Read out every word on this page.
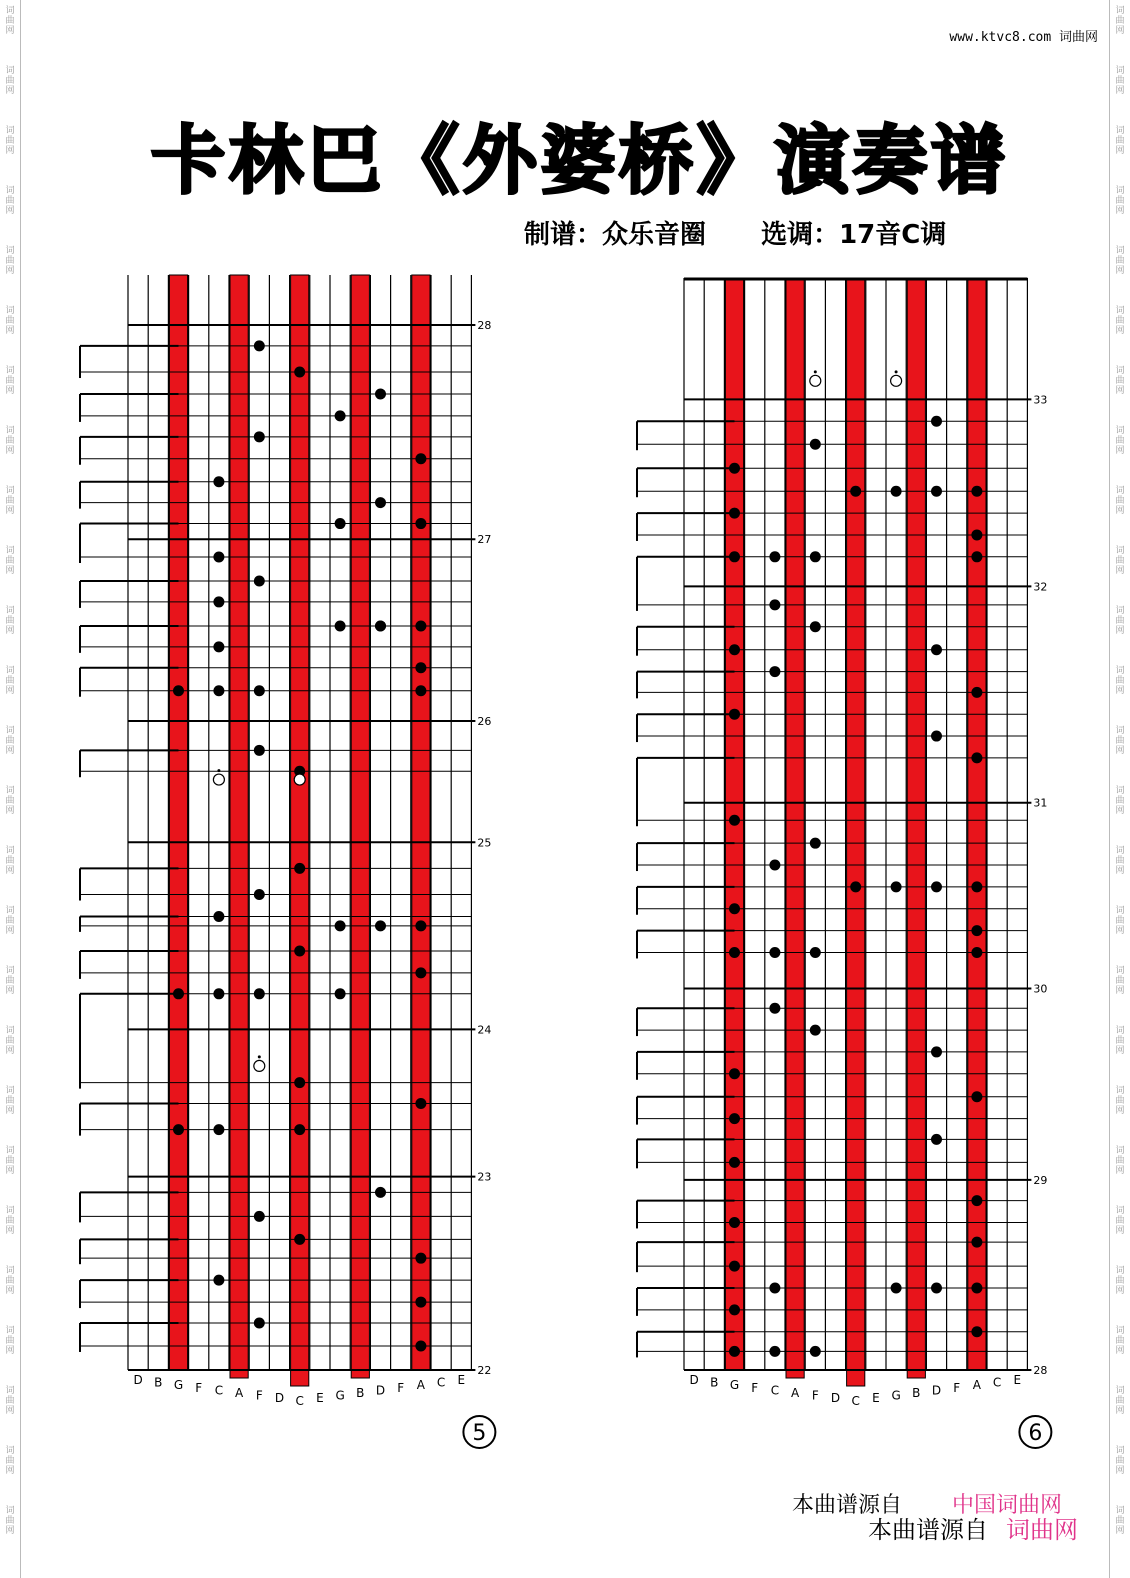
词
曲
网
词
曲
网
词
曲
网
词
曲
网
词
曲
网
词
曲
网
词
曲
网
词
曲
网
词
曲
网
词
曲
网
词
曲
网
词
曲
网
词
曲
网
词
曲
网
词
曲
网
词
曲
网
词
曲
网
词
曲
网
词
曲
网
词
曲
网
词
曲
网
词
曲
网
词
曲
网
词
曲
网
词
曲
网
词
曲
网
词
曲
网
词
曲
网
词
曲
网
词
曲
网
词
曲
网
词
曲
网
词
曲
网
词
曲
网
词
曲
网
词
曲
网
词
曲
网
词
曲
网
词
曲
网
词
曲
网
词
曲
网
词
曲
网
词
曲
网
词
曲
网
词
曲
网
词
曲
网
词
曲
网
词
曲
网
词
曲
网
词
曲
网
词
曲
网
词
曲
网
www.ktvc8.com 词曲网
卡林巴《外婆桥》演奏谱
制谱：众乐音圈 选调：17音C调
28
27
26
25
24
23
22
D B G F C A F D C E G B D F A C E
5
33
32
31
30
29
28
D B G F C A F D C E G B D F A C E
6
本曲谱源自 中国词曲网
本曲谱源自 词曲网
